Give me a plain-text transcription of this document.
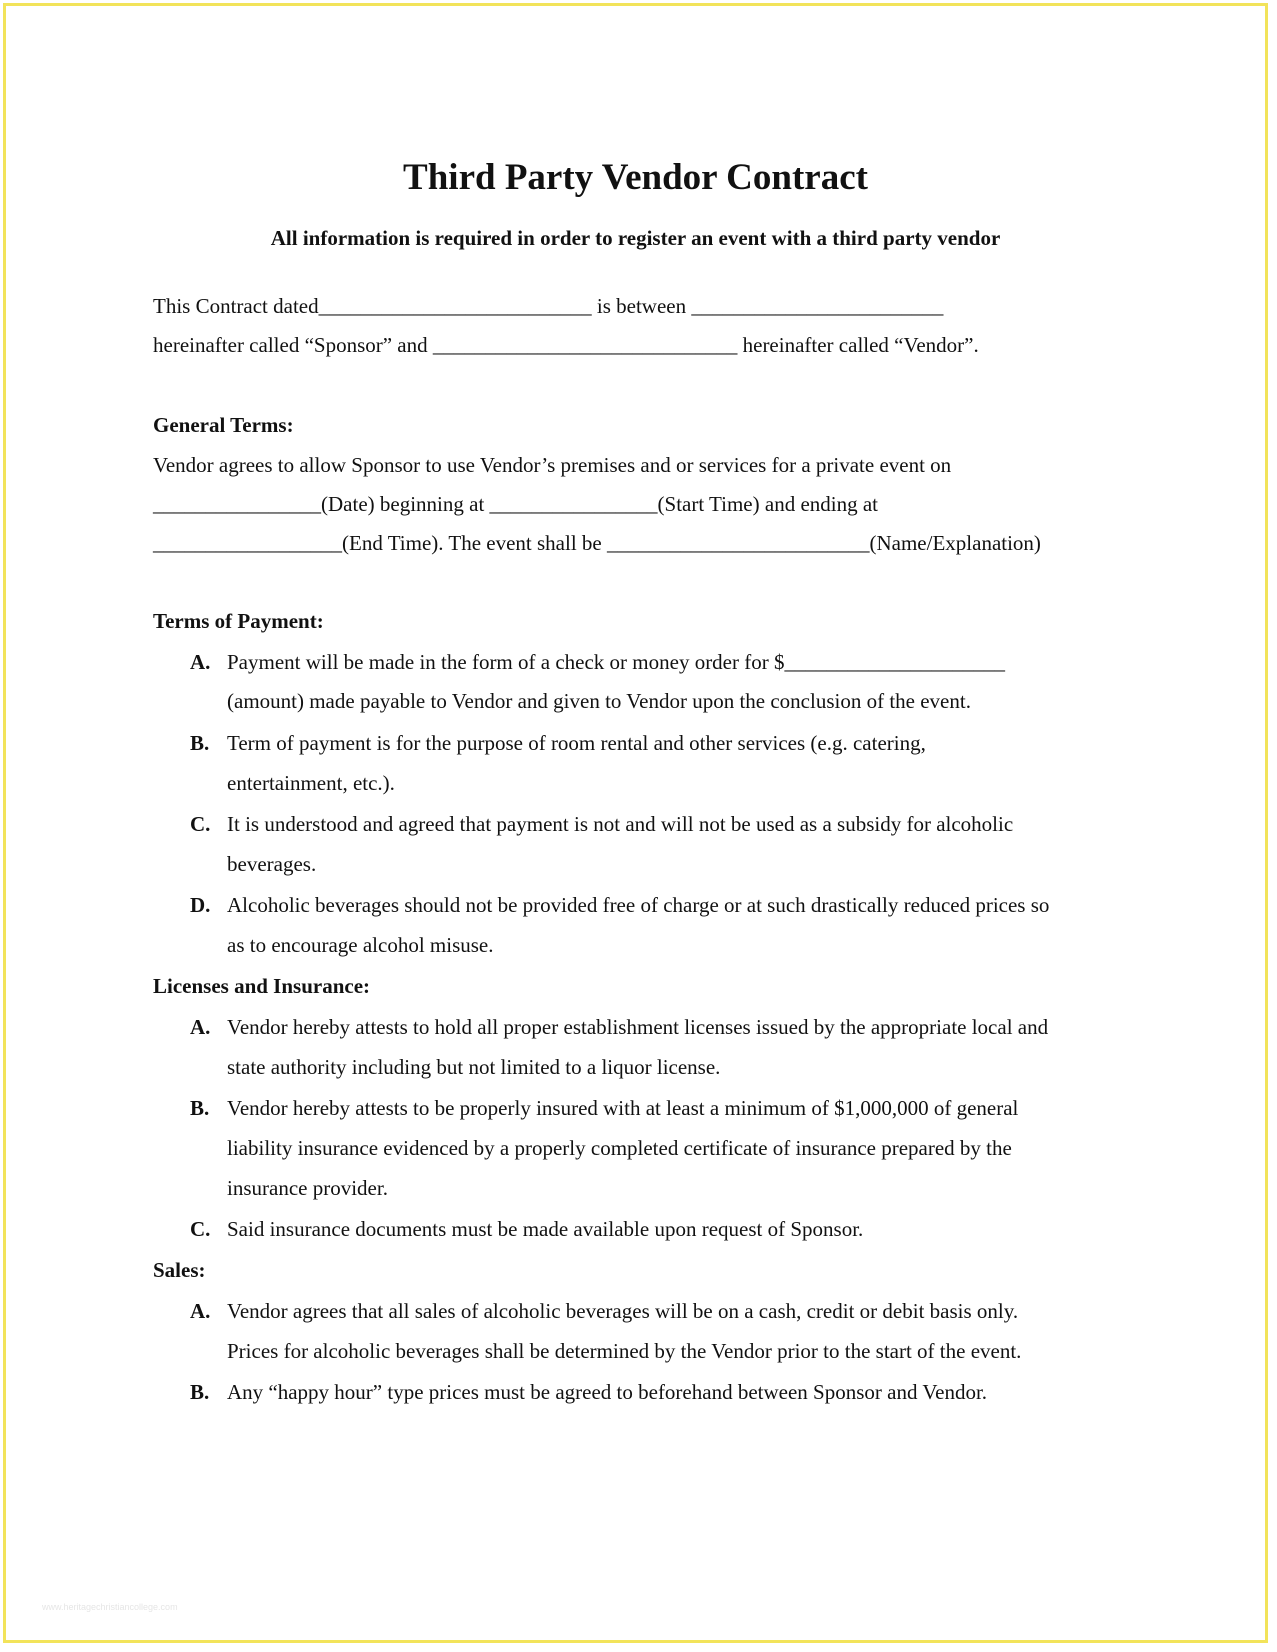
Third Party Vendor Contract
All information is required in order to register an event with a third party vendor
This Contract dated__________________________ is between ________________________
hereinafter called “Sponsor” and _____________________________ hereinafter called “Vendor”.
General Terms:
Vendor agrees to allow Sponsor to use Vendor’s premises and or services for a private event on
________________(Date) beginning at ________________(Start Time) and ending at
__________________(End Time). The event shall be _________________________(Name/Explanation)
Terms of Payment:
A. Payment will be made in the form of a check or money order for $_____________________
(amount) made payable to Vendor and given to Vendor upon the conclusion of the event.
B. Term of payment is for the purpose of room rental and other services (e.g. catering,
entertainment, etc.).
C. It is understood and agreed that payment is not and will not be used as a subsidy for alcoholic
beverages.
D. Alcoholic beverages should not be provided free of charge or at such drastically reduced prices so
as to encourage alcohol misuse.
Licenses and Insurance:
A. Vendor hereby attests to hold all proper establishment licenses issued by the appropriate local and
state authority including but not limited to a liquor license.
B. Vendor hereby attests to be properly insured with at least a minimum of $1,000,000 of general
liability insurance evidenced by a properly completed certificate of insurance prepared by the
insurance provider.
C. Said insurance documents must be made available upon request of Sponsor.
Sales:
A. Vendor agrees that all sales of alcoholic beverages will be on a cash, credit or debit basis only.
Prices for alcoholic beverages shall be determined by the Vendor prior to the start of the event.
B. Any “happy hour” type prices must be agreed to beforehand between Sponsor and Vendor.
www.heritagechristiancollege.com
